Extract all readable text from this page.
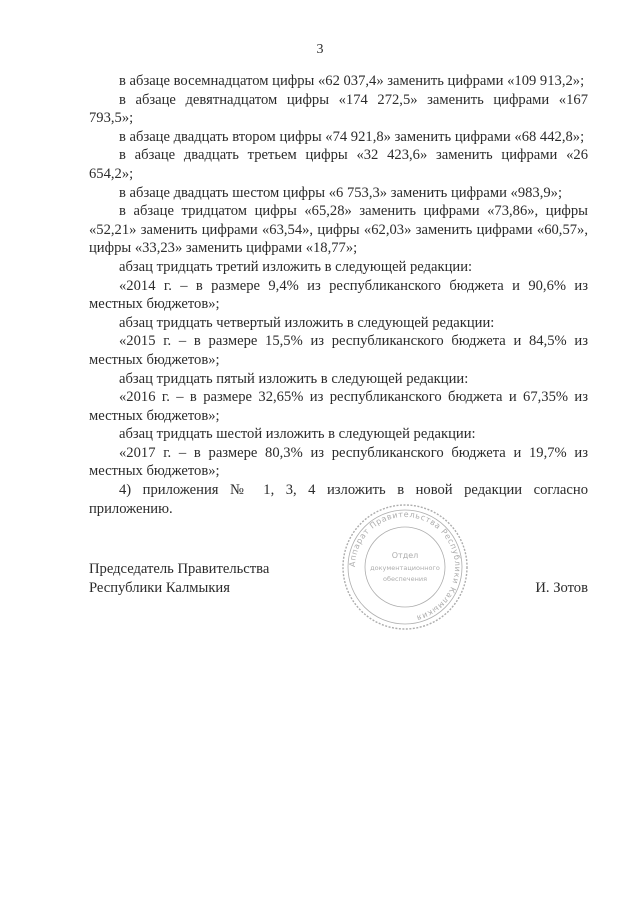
3

в абзаце восемнадцатом цифры «62 037,4» заменить цифрами «109 913,2»;

в абзаце девятнадцатом цифры «174 272,5» заменить цифрами «167 793,5»;

в абзаце двадцать втором цифры «74 921,8» заменить цифрами «68 442,8»;

в абзаце двадцать третьем цифры «32 423,6» заменить цифрами «26 654,2»;

в абзаце двадцать шестом цифры «6 753,3» заменить цифрами «983,9»;

в абзаце тридцатом цифры «65,28» заменить цифрами «73,86», цифры «52,21» заменить цифрами «63,54», цифры «62,03» заменить цифрами «60,57», цифры «33,23» заменить цифрами «18,77»;

абзац тридцать третий изложить в следующей редакции:

«2014 г. – в размере 9,4% из республиканского бюджета и 90,6% из местных бюджетов»;

абзац тридцать четвертый изложить в следующей редакции:

«2015 г. – в размере 15,5% из республиканского бюджета и 84,5% из местных бюджетов»;

абзац тридцать пятый изложить в следующей редакции:

«2016 г. – в размере 32,65% из республиканского бюджета и 67,35% из местных бюджетов»;

абзац тридцать шестой изложить в следующей редакции:

«2017 г. – в размере 80,3% из республиканского бюджета и 19,7% из местных бюджетов»;

4) приложения № 1, 3, 4 изложить в новой редакции согласно приложению.

Аппарат Правительства Республики Калмыкия
Отдел
документационного
обеспечения

Председатель Правительства

Республики Калмыкия	И. Зотов
